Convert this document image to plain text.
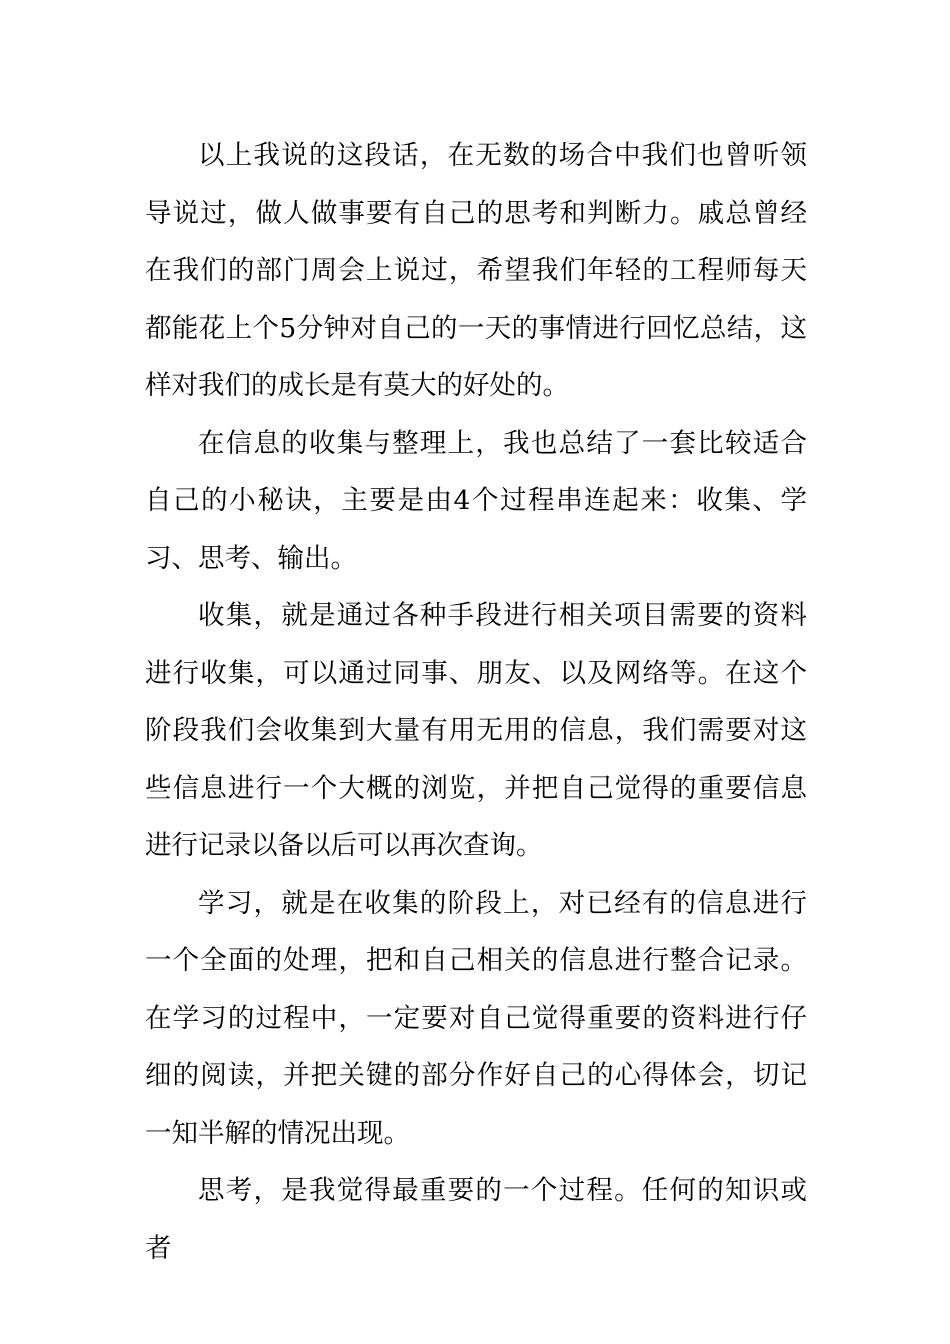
以上我说的这段话，在无数的场合中我们也曾听领导说过，做人做事要有自己的思考和判断力。戚总曾经在我们的部门周会上说过，希望我们年轻的工程师每天都能花上个5分钟对自己的一天的事情进行回忆总结，这样对我们的成长是有莫大的好处的。

在信息的收集与整理上，我也总结了一套比较适合自己的小秘诀，主要是由4个过程串连起来：收集、学习、思考、输出。

收集，就是通过各种手段进行相关项目需要的资料进行收集，可以通过同事、朋友、以及网络等。在这个阶段我们会收集到大量有用无用的信息，我们需要对这些信息进行一个大概的浏览，并把自己觉得的重要信息进行记录以备以后可以再次查询。

学习，就是在收集的阶段上，对已经有的信息进行一个全面的处理，把和自己相关的信息进行整合记录。在学习的过程中，一定要对自己觉得重要的资料进行仔细的阅读，并把关键的部分作好自己的心得体会，切记一知半解的情况出现。

思考，是我觉得最重要的一个过程。任何的知识或者
